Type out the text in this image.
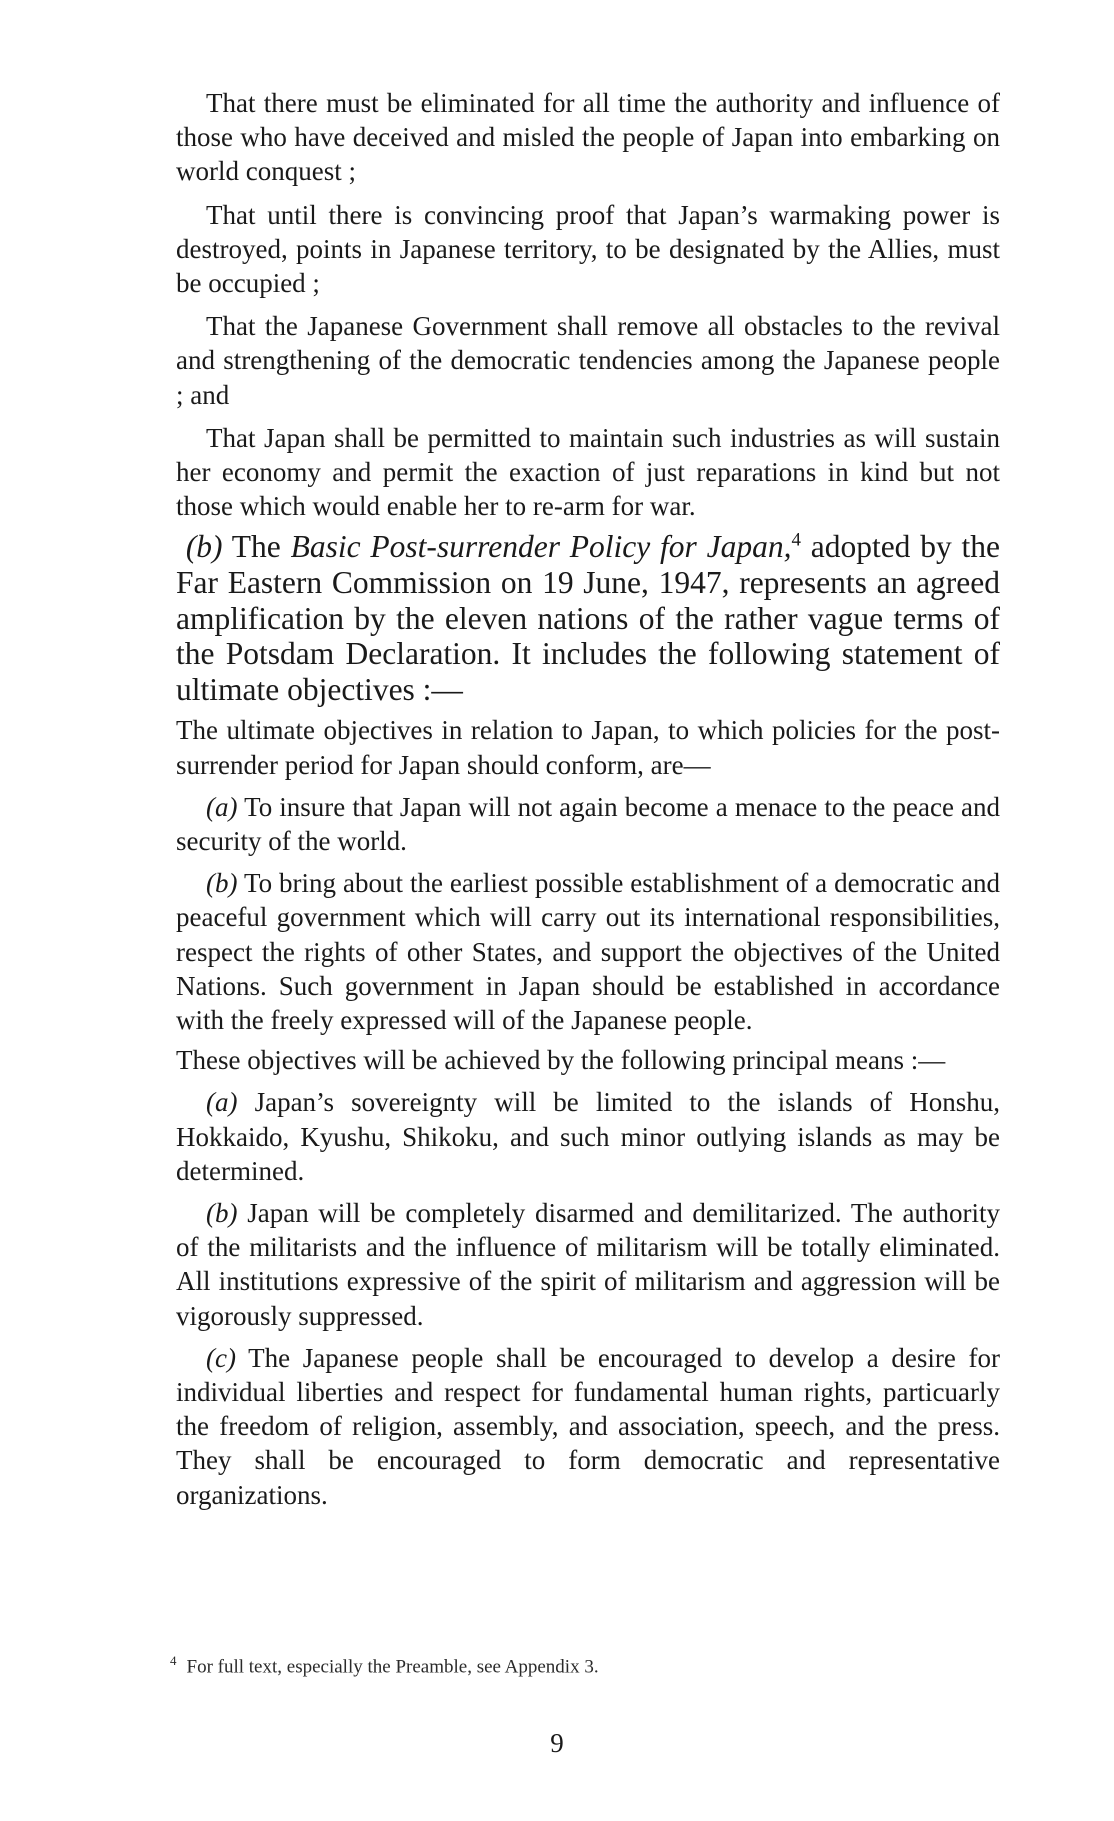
That there must be eliminated for all time the authority and influence of those who have deceived and misled the people of Japan into embarking on world conquest ;

That until there is convincing proof that Japan’s warmaking power is destroyed, points in Japanese territory, to be designated by the Allies, must be occupied ;

That the Japanese Government shall remove all obstacles to the revival and strengthening of the democratic tendencies among the Japanese people ; and

That Japan shall be permitted to maintain such industries as will sustain her economy and permit the exaction of just reparations in kind but not those which would enable her to re-arm for war.

(b) The Basic Post-surrender Policy for Japan,$^4$ adopted by the Far Eastern Commission on 19 June, 1947, represents an agreed amplification by the eleven nations of the rather vague terms of the Potsdam Declaration. It includes the following statement of ultimate objectives :—

The ultimate objectives in relation to Japan, to which policies for the post-surrender period for Japan should conform, are—

(a) To insure that Japan will not again become a menace to the peace and security of the world.

(b) To bring about the earliest possible establishment of a democratic and peaceful government which will carry out its international responsibilities, respect the rights of other States, and support the objectives of the United Nations. Such government in Japan should be established in accordance with the freely expressed will of the Japanese people.

These objectives will be achieved by the following principal means :—

(a) Japan’s sovereignty will be limited to the islands of Honshu, Hokkaido, Kyushu, Shikoku, and such minor outlying islands as may be determined.

(b) Japan will be completely disarmed and demilitarized. The authority of the militarists and the influence of militarism will be totally eliminated. All institutions expressive of the spirit of militarism and aggression will be vigorously suppressed.

(c) The Japanese people shall be encouraged to develop a desire for individual liberties and respect for fundamental human rights, particuarly the freedom of religion, assembly, and association, speech, and the press. They shall be encouraged to form democratic and representative organizations.

$^4$ For full text, especially the Preamble, see Appendix 3.
9
